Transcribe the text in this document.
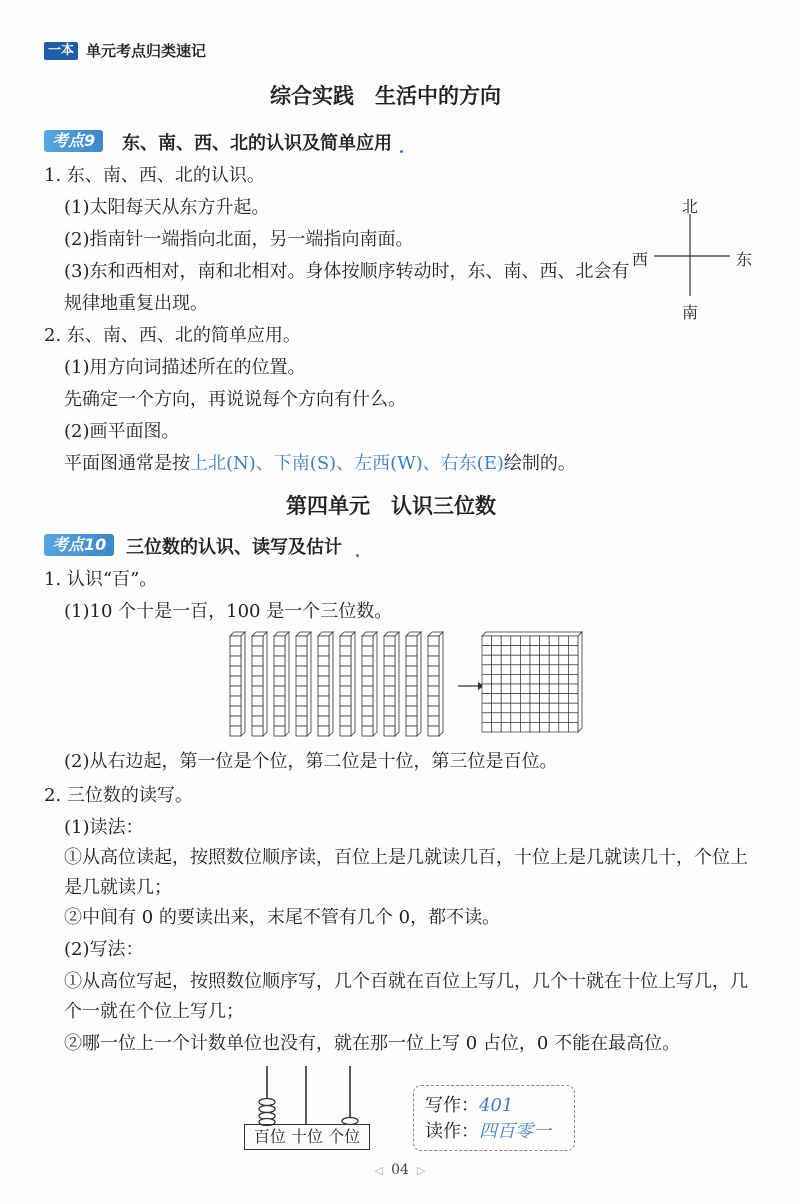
一本 单元考点归类速记
综合实践　生活中的方向
考点9	东、南、西、北的认识及简单应用
1. 东、南、西、北的认识。
(1)太阳每天从东方升起。
(2)指南针一端指向北面，另一端指向南面。
(3)东和西相对，南和北相对。身体按顺序转动时，东、南、西、北会有
规律地重复出现。
2. 东、南、西、北的简单应用。
(1)用方向词描述所在的位置。
先确定一个方向，再说说每个方向有什么。
(2)画平面图。
平面图通常是按上北(N)、下南(S)、左西(W)、右东(E)绘制的。
北
南
西	东
第四单元　认识三位数
考点10	三位数的认识、读写及估计
1. 认识“百”。
(1)10 个十是一百，100 是一个三位数。
(2)从右边起，第一位是个位，第二位是十位，第三位是百位。
2. 三位数的读写。
(1)读法：
①从高位读起，按照数位顺序读，百位上是几就读几百，十位上是几就读几十，个位上
是几就读几；
②中间有 0 的要读出来，末尾不管有几个 0，都不读。
(2)写法：
①从高位写起，按照数位顺序写，几个百就在百位上写几，几个十就在十位上写几，几
个一就在个位上写几；
②哪一位上一个计数单位也没有，就在那一位上写 0 占位，0 不能在最高位。
百位 十位 个位
写作：401
读作：四百零一
◁ 04 ▷
